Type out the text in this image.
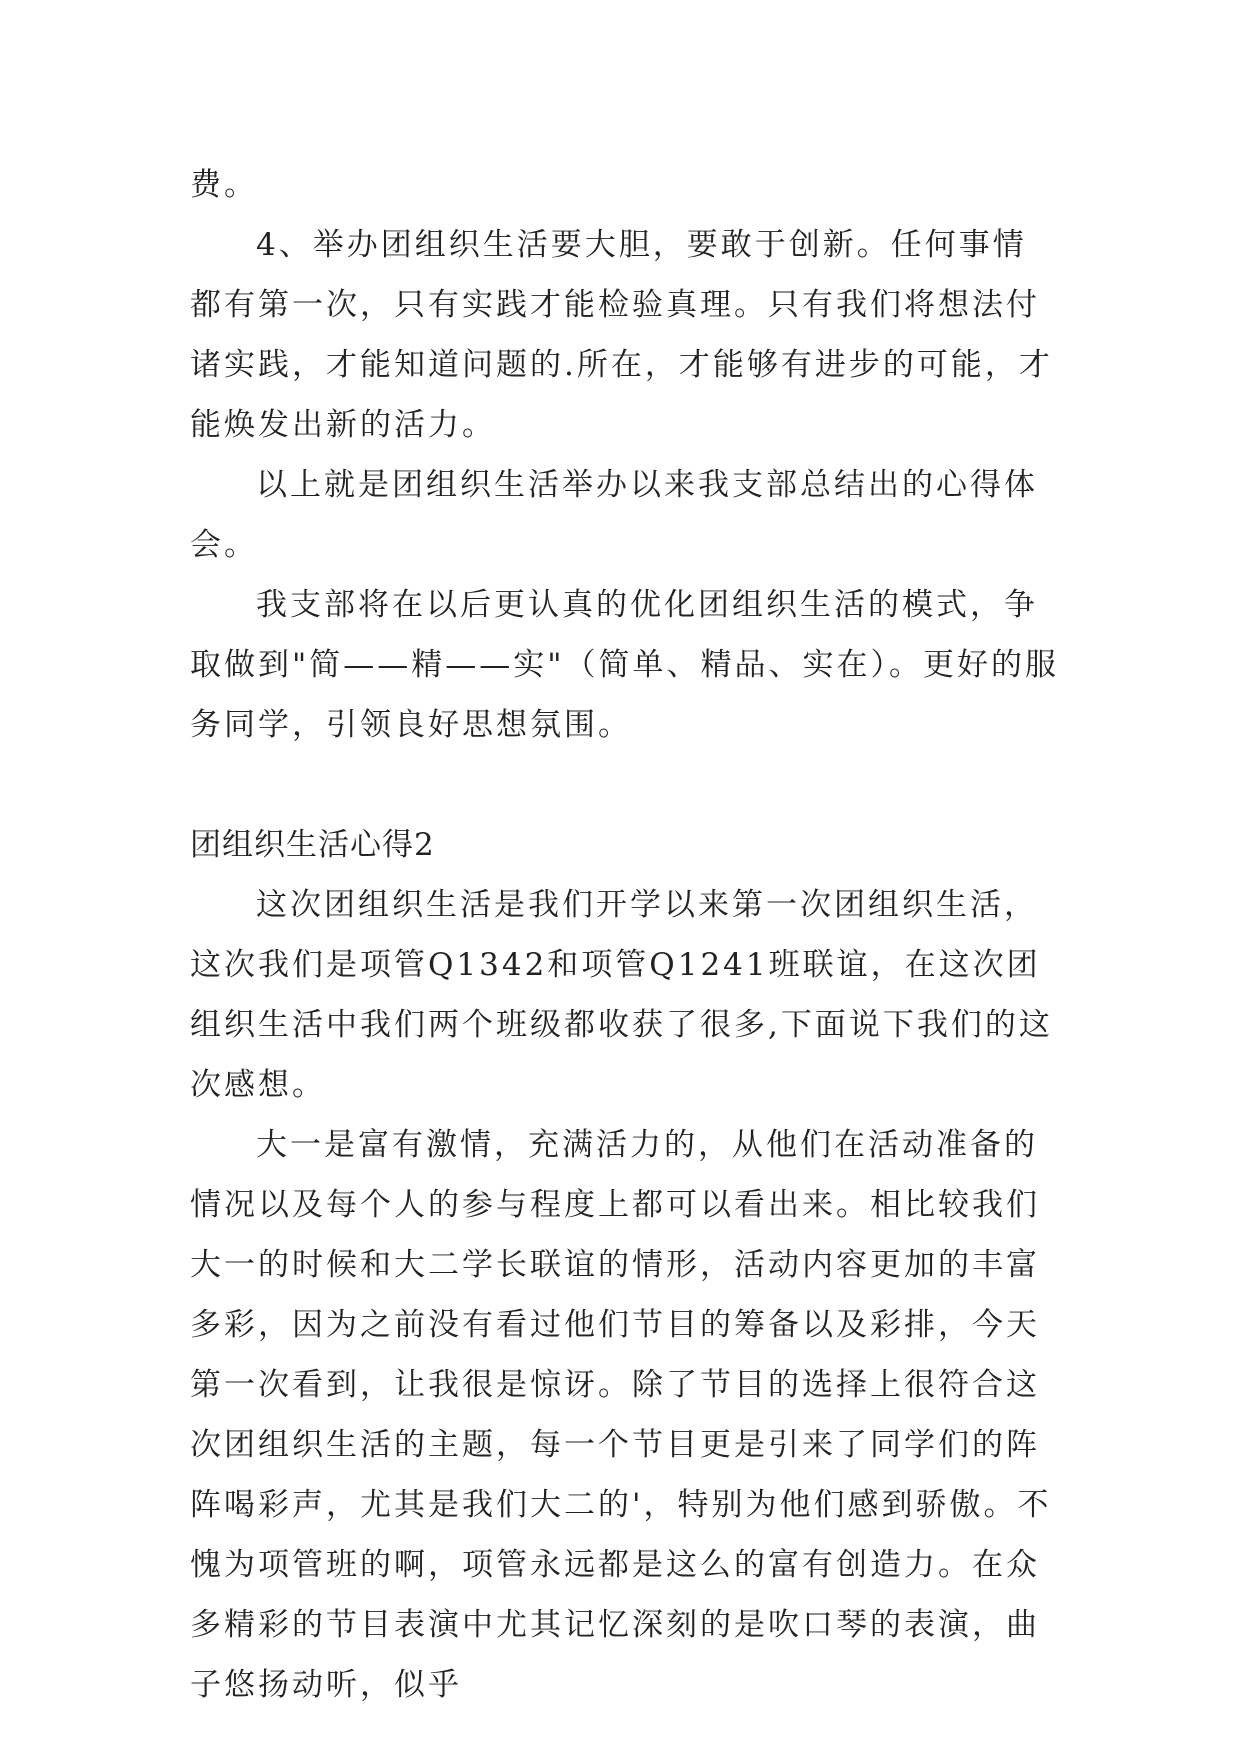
费。

4、举办团组织生活要大胆，要敢于创新。任何事情都有第一次，只有实践才能检验真理。只有我们将想法付诸实践，才能知道问题的.所在，才能够有进步的可能，才能焕发出新的活力。

以上就是团组织生活举办以来我支部总结出的心得体会。

我支部将在以后更认真的优化团组织生活的模式，争取做到"简——精——实"（简单、精品、实在）。更好的服务同学，引领良好思想氛围。

团组织生活心得2

这次团组织生活是我们开学以来第一次团组织生活，这次我们是项管Q1342和项管Q1241班联谊，在这次团组织生活中我们两个班级都收获了很多,下面说下我们的这次感想。

大一是富有激情，充满活力的，从他们在活动准备的情况以及每个人的参与程度上都可以看出来。相比较我们大一的时候和大二学长联谊的情形，活动内容更加的丰富多彩，因为之前没有看过他们节目的筹备以及彩排，今天第一次看到，让我很是惊讶。除了节目的选择上很符合这次团组织生活的主题，每一个节目更是引来了同学们的阵阵喝彩声，尤其是我们大二的'，特别为他们感到骄傲。不愧为项管班的啊，项管永远都是这么的富有创造力。在众多精彩的节目表演中尤其记忆深刻的是吹口琴的表演，曲子悠扬动听，似乎
